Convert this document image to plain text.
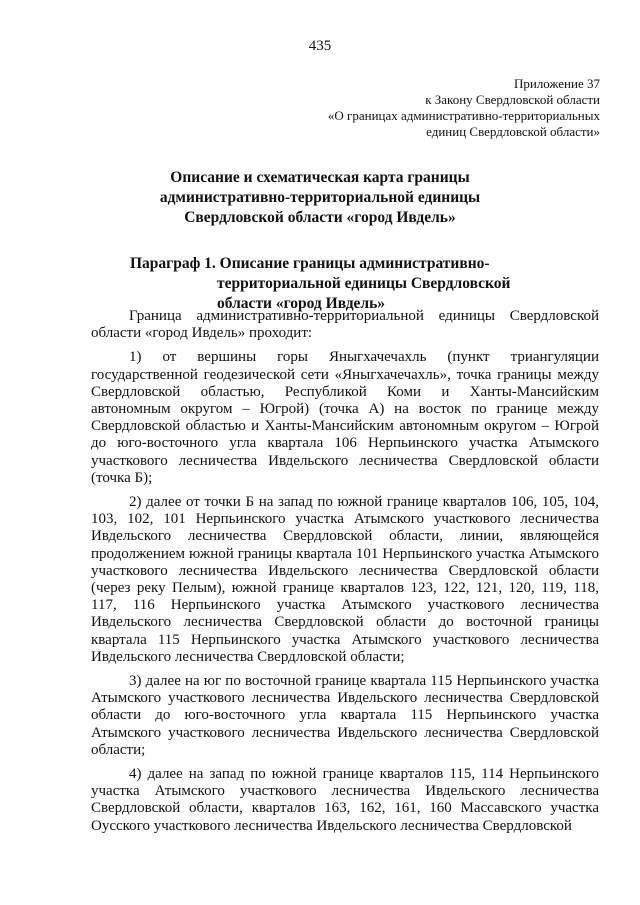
435
Приложение 37
к Закону Свердловской области
«О границах административно-территориальных
единиц Свердловской области»
Описание и схематическая карта границы
административно-территориальной единицы
Свердловской области «город Ивдель»
Параграф 1. Описание границы административно-
территориальной единицы Свердловской
области «город Ивдель»

Граница административно-территориальной единицы Свердловской области «город Ивдель» проходит:

1) от вершины горы Яныгхачечахль (пункт триангуляции государственной геодезической сети «Яныгхачечахль», точка границы между Свердловской областью, Республикой Коми и Ханты-Мансийским автономным округом – Югрой) (точка А) на восток по границе между Свердловской областью и Ханты-Мансийским автономным округом – Югрой до юго-восточного угла квартала 106 Нерпьинского участка Атымского участкового лесничества Ивдельского лесничества Свердловской области (точка Б);

2) далее от точки Б на запад по южной границе кварталов 106, 105, 104, 103, 102, 101 Нерпьинского участка Атымского участкового лесничества Ивдельского лесничества Свердловской области, линии, являющейся продолжением южной границы квартала 101 Нерпьинского участка Атымского участкового лесничества Ивдельского лесничества Свердловской области (через реку Пелым), южной границе кварталов 123, 122, 121, 120, 119, 118, 117, 116 Нерпьинского участка Атымского участкового лесничества Ивдельского лесничества Свердловской области до восточной границы квартала 115 Нерпьинского участка Атымского участкового лесничества Ивдельского лесничества Свердловской области;

3) далее на юг по восточной границе квартала 115 Нерпьинского участка Атымского участкового лесничества Ивдельского лесничества Свердловской области до юго-восточного угла квартала 115 Нерпьинского участка Атымского участкового лесничества Ивдельского лесничества Свердловской области;

4) далее на запад по южной границе кварталов 115, 114 Нерпьинского участка Атымского участкового лесничества Ивдельского лесничества Свердловской области, кварталов 163, 162, 161, 160 Массавского участка Оусского участкового лесничества Ивдельского лесничества Свердловской
